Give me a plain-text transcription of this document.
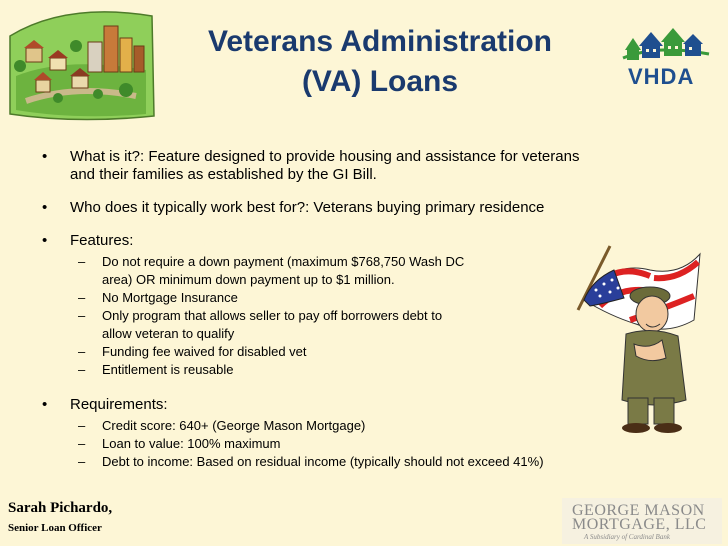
Veterans Administration
(VA) Loans	VHDA
• What is it?: Feature designed to provide housing and assistance for veterans
and their families as established by the GI Bill.
• Who does it typically work best for?: Veterans buying primary residence
• Features:
– Do not require a down payment (maximum $768,750 Wash DC
area) OR minimum down payment up to $1 million.
– No Mortgage Insurance
– Only program that allows seller to pay off borrowers debt to
allow veteran to qualify
– Funding fee waived for disabled vet
– Entitlement is reusable
• Requirements:
– Credit score: 640+ (George Mason Mortgage)
– Loan to value: 100% maximum
– Debt to income: Based on residual income (typically should not exceed 41%)
Sarah Pichardo,
Senior Loan Officer
GEORGE MASON
MORTGAGE, LLC
A Subsidiary of Cardinal Bank
